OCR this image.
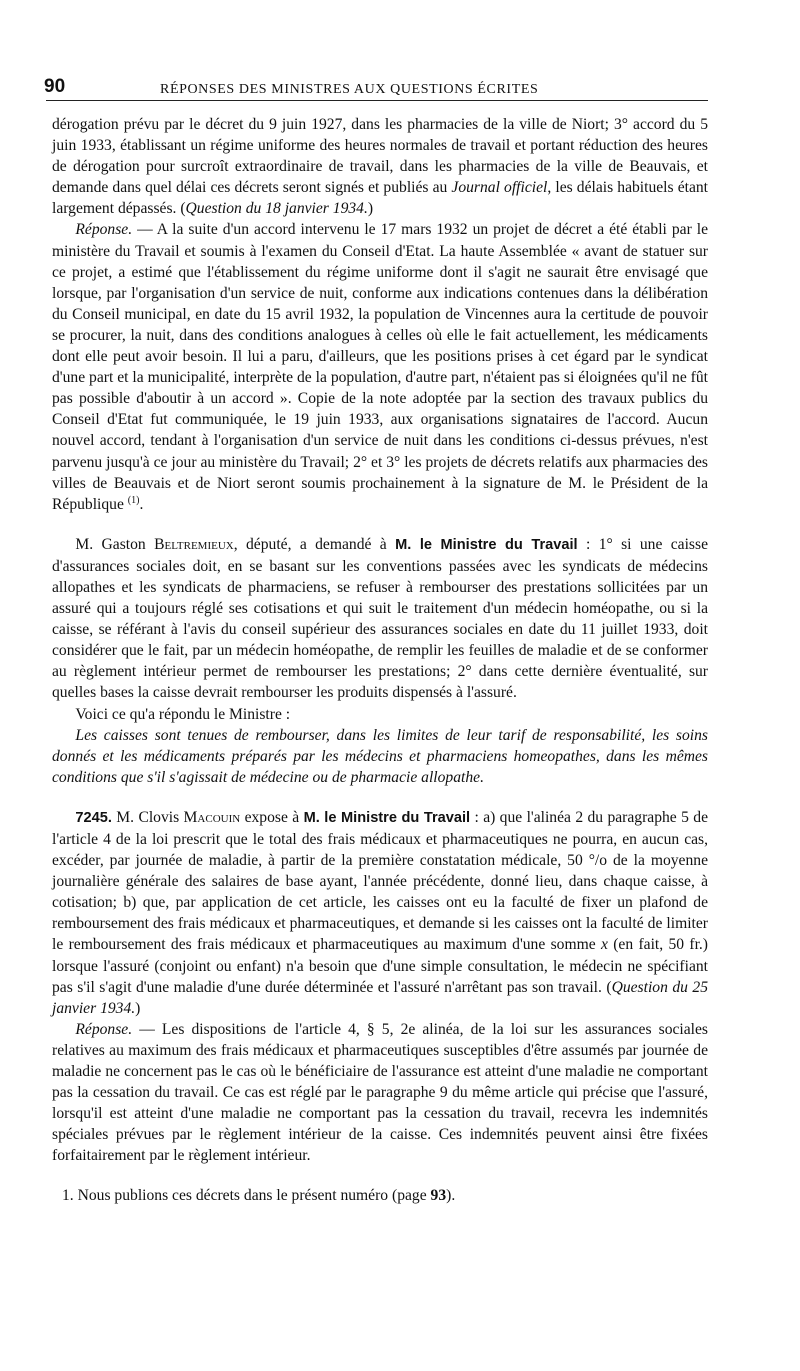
90	RÉPONSES DES MINISTRES AUX QUESTIONS ÉCRITES

dérogation prévu par le décret du 9 juin 1927, dans les pharmacies de la ville de Niort; 3° accord du 5 juin 1933, établissant un régime uniforme des heures normales de travail et portant réduction des heures de dérogation pour surcroît extraordinaire de travail, dans les pharmacies de la ville de Beauvais, et demande dans quel délai ces décrets seront signés et publiés au Journal officiel, les délais habituels étant largement dépassés. (Question du 18 janvier 1934.)

Réponse. — A la suite d'un accord intervenu le 17 mars 1932 un projet de décret a été établi par le ministère du Travail et soumis à l'examen du Conseil d'Etat. La haute Assemblée « avant de statuer sur ce projet, a estimé que l'établissement du régime uniforme dont il s'agit ne saurait être envisagé que lorsque, par l'organisation d'un service de nuit, conforme aux indications contenues dans la délibération du Conseil municipal, en date du 15 avril 1932, la population de Vincennes aura la certitude de pouvoir se procurer, la nuit, dans des conditions analogues à celles où elle le fait actuellement, les médicaments dont elle peut avoir besoin. Il lui a paru, d'ailleurs, que les positions prises à cet égard par le syndicat d'une part et la municipalité, interprète de la population, d'autre part, n'étaient pas si éloignées qu'il ne fût pas possible d'aboutir à un accord ». Copie de la note adoptée par la section des travaux publics du Conseil d'Etat fut communiquée, le 19 juin 1933, aux organisations signataires de l'accord. Aucun nouvel accord, tendant à l'organisation d'un service de nuit dans les conditions ci-dessus prévues, n'est parvenu jusqu'à ce jour au ministère du Travail; 2° et 3° les projets de décrets relatifs aux pharmacies des villes de Beauvais et de Niort seront soumis prochainement à la signature de M. le Président de la République $^{(1)}$.

M. Gaston Beltremieux, député, a demandé à M. le Ministre du Travail : 1° si une caisse d'assurances sociales doit, en se basant sur les conventions passées avec les syndicats de médecins allopathes et les syndicats de pharmaciens, se refuser à rembourser des prestations sollicitées par un assuré qui a toujours réglé ses cotisations et qui suit le traitement d'un médecin homéopathe, ou si la caisse, se référant à l'avis du conseil supérieur des assurances sociales en date du 11 juillet 1933, doit considérer que le fait, par un médecin homéopathe, de remplir les feuilles de maladie et de se conformer au règlement intérieur permet de rembourser les prestations; 2° dans cette dernière éventualité, sur quelles bases la caisse devrait rembourser les produits dispensés à l'assuré.

Voici ce qu'a répondu le Ministre :

Les caisses sont tenues de rembourser, dans les limites de leur tarif de responsabilité, les soins donnés et les médicaments préparés par les médecins et pharmaciens homeopathes, dans les mêmes conditions que s'il s'agissait de médecine ou de pharmacie allopathe.

7245. M. Clovis Macouin expose à M. le Ministre du Travail : a) que l'alinéa 2 du paragraphe 5 de l'article 4 de la loi prescrit que le total des frais médicaux et pharmaceutiques ne pourra, en aucun cas, excéder, par journée de maladie, à partir de la première constatation médicale, 50 °/o de la moyenne journalière générale des salaires de base ayant, l'année précédente, donné lieu, dans chaque caisse, à cotisation; b) que, par application de cet article, les caisses ont eu la faculté de fixer un plafond de remboursement des frais médicaux et pharmaceutiques, et demande si les caisses ont la faculté de limiter le remboursement des frais médicaux et pharmaceutiques au maximum d'une somme x (en fait, 50 fr.) lorsque l'assuré (conjoint ou enfant) n'a besoin que d'une simple consultation, le médecin ne spécifiant pas s'il s'agit d'une maladie d'une durée déterminée et l'assuré n'arrêtant pas son travail. (Question du 25 janvier 1934.)

Réponse. — Les dispositions de l'article 4, § 5, 2e alinéa, de la loi sur les assurances sociales relatives au maximum des frais médicaux et pharmaceutiques susceptibles d'être assumés par journée de maladie ne concernent pas le cas où le bénéficiaire de l'assurance est atteint d'une maladie ne comportant pas la cessation du travail. Ce cas est réglé par le paragraphe 9 du même article qui précise que l'assuré, lorsqu'il est atteint d'une maladie ne comportant pas la cessation du travail, recevra les indemnités spéciales prévues par le règlement intérieur de la caisse. Ces indemnités peuvent ainsi être fixées forfaitairement par le règlement intérieur.

1. Nous publions ces décrets dans le présent numéro (page 93).
